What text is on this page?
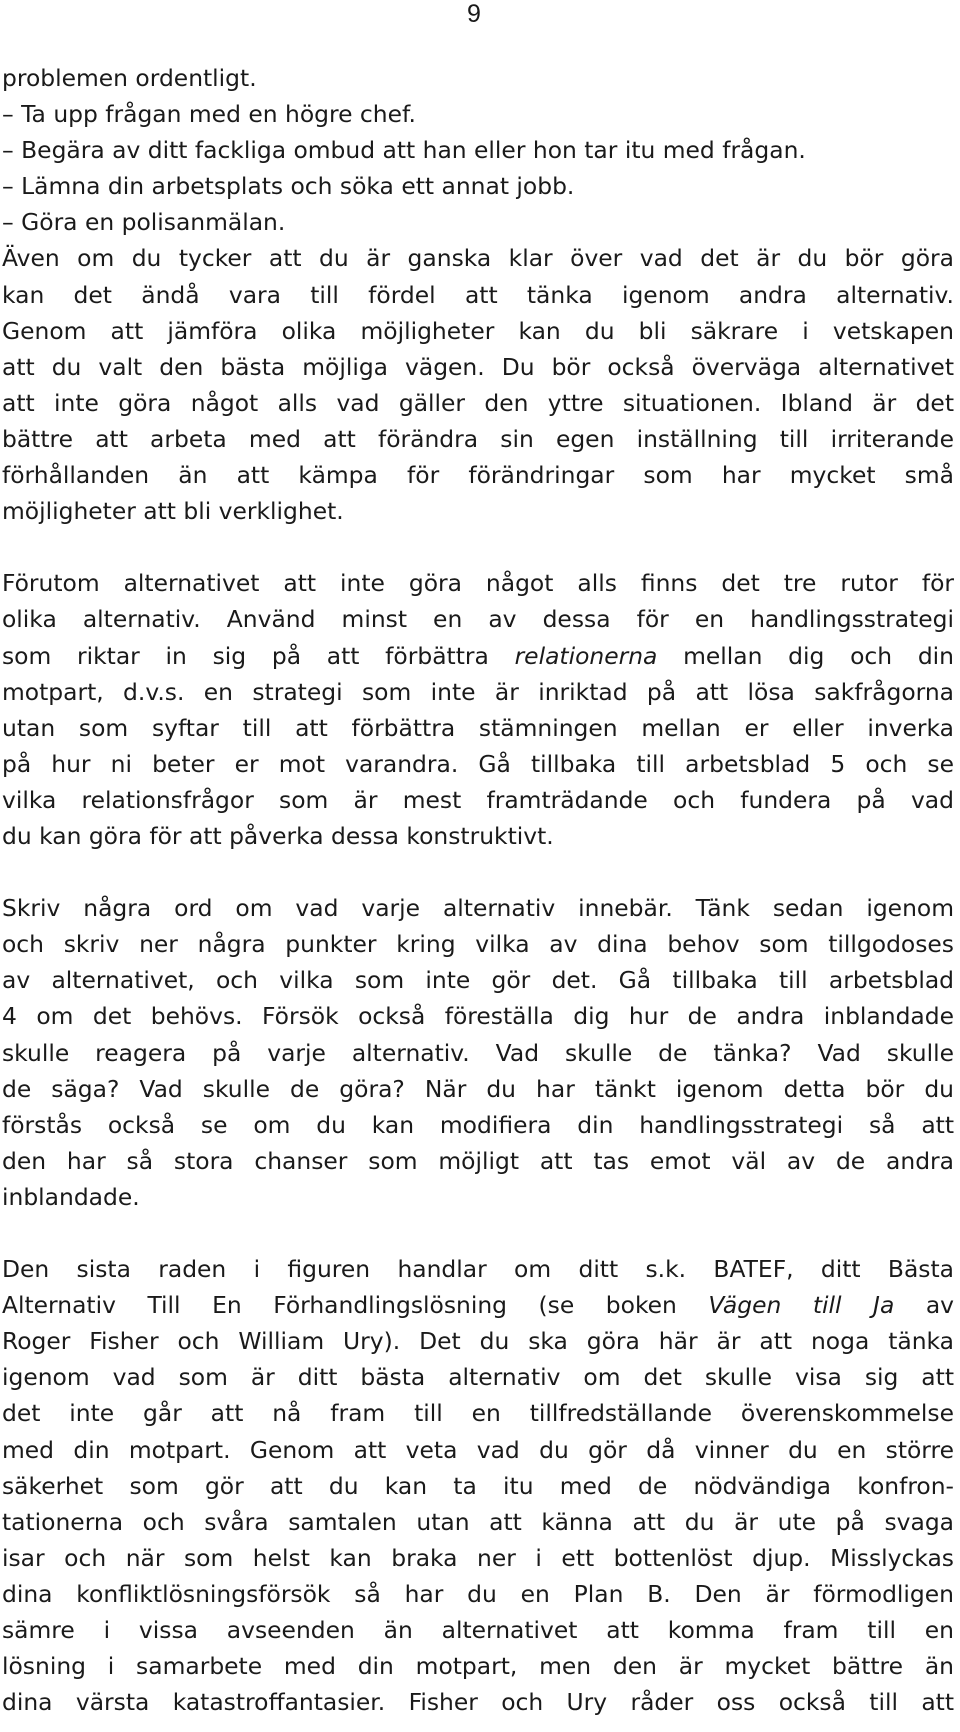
9
problemen ordentligt.
– Ta upp frågan med en högre chef.
– Begära av ditt fackliga ombud att han eller hon tar itu med frågan.
– Lämna din arbetsplats och söka ett annat jobb.
– Göra en polisanmälan.
Även om du tycker att du är ganska klar över vad det är du bör göra
kan det ändå vara till fördel att tänka igenom andra alternativ.
Genom att jämföra olika möjligheter kan du bli säkrare i vetskapen
att du valt den bästa möjliga vägen. Du bör också överväga alternativet
att inte göra något alls vad gäller den yttre situationen. Ibland är det
bättre att arbeta med att förändra sin egen inställning till irriterande
förhållanden än att kämpa för förändringar som har mycket små
möjligheter att bli verklighet.
Förutom alternativet att inte göra något alls finns det tre rutor för
olika alternativ. Använd minst en av dessa för en handlingsstrategi
som riktar in sig på att förbättra relationerna mellan dig och din
motpart, d.v.s. en strategi som inte är inriktad på att lösa sakfrågorna
utan som syftar till att förbättra stämningen mellan er eller inverka
på hur ni beter er mot varandra. Gå tillbaka till arbetsblad 5 och se
vilka relationsfrågor som är mest framträdande och fundera på vad
du kan göra för att påverka dessa konstruktivt.
Skriv några ord om vad varje alternativ innebär. Tänk sedan igenom
och skriv ner några punkter kring vilka av dina behov som tillgodoses
av alternativet, och vilka som inte gör det. Gå tillbaka till arbetsblad
4 om det behövs. Försök också föreställa dig hur de andra inblandade
skulle reagera på varje alternativ. Vad skulle de tänka? Vad skulle
de säga? Vad skulle de göra? När du har tänkt igenom detta bör du
förstås också se om du kan modifiera din handlingsstrategi så att
den har så stora chanser som möjligt att tas emot väl av de andra
inblandade.
Den sista raden i figuren handlar om ditt s.k. BATEF, ditt Bästa
Alternativ Till En Förhandlingslösning (se boken Vägen till Ja av
Roger Fisher och William Ury). Det du ska göra här är att noga tänka
igenom vad som är ditt bästa alternativ om det skulle visa sig att
det inte går att nå fram till en tillfredställande överenskommelse
med din motpart. Genom att veta vad du gör då vinner du en större
säkerhet som gör att du kan ta itu med de nödvändiga konfron-
tationerna och svåra samtalen utan att känna att du är ute på svaga
isar och när som helst kan braka ner i ett bottenlöst djup. Misslyckas
dina konfliktlösningsförsök så har du en Plan B. Den är förmodligen
sämre i vissa avseenden än alternativet att komma fram till en
lösning i samarbete med din motpart, men den är mycket bättre än
dina värsta katastroffantasier. Fisher och Ury råder oss också till att
